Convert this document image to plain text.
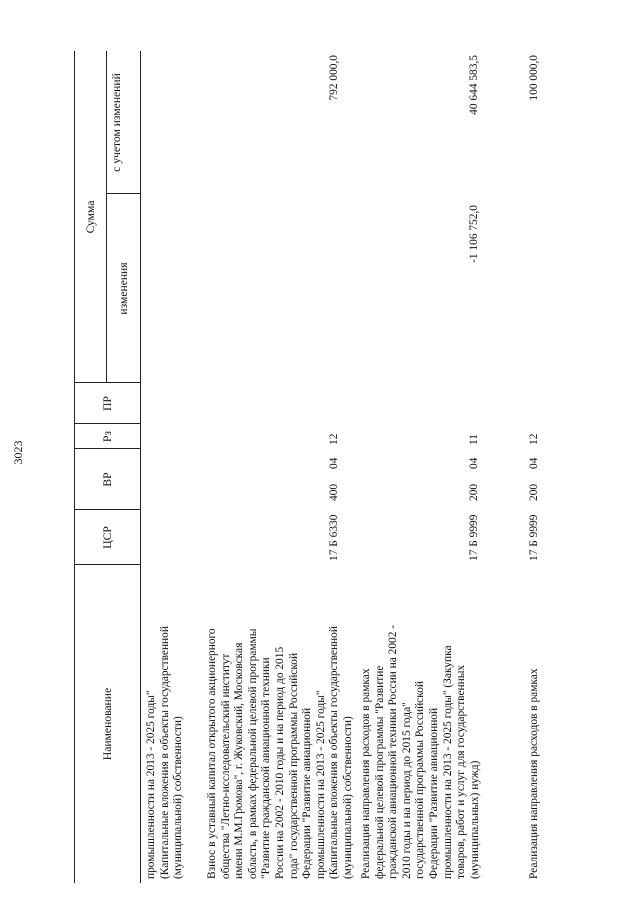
3023
Наименование
ЦСР
ВР
Рз
ПР
Сумма
изменения
с учетом изменений

промышленности на 2013 - 2025 годы" (Капитальные вложения в объекты государственной (муниципальной) собственности) Взнос в уставный капитал открытого акционерного общества "Летно-исследовательский институт имени М.М.Громова", г. Жуковский, Московская область, в рамках федеральной целевой программы "Развитие гражданской авиационной техники России на 2002 - 2010 годы и на период до 2015 года" государственной программы Российской Федерации "Развитие авиационной промышленности на 2013 - 2025 годы" (Капитальные вложения в объекты государственной (муниципальной) собственности)

17 Б 6330
400
04
12
792 000,0

Реализация направления расходов в рамках федеральной целевой программы "Развитие гражданской авиационной техники России на 2002 - 2010 годы и на период до 2015 года" государственной программы Российской Федерации "Развитие авиационной промышленности на 2013 - 2025 годы" (Закупка товаров, работ и услуг для государственных (муниципальных) нужд)

17 Б 9999
200
04
11
-1 106 752,0
40 644 583,5

Реализация направления расходов в рамках

17 Б 9999
200
04
12
100 000,0
